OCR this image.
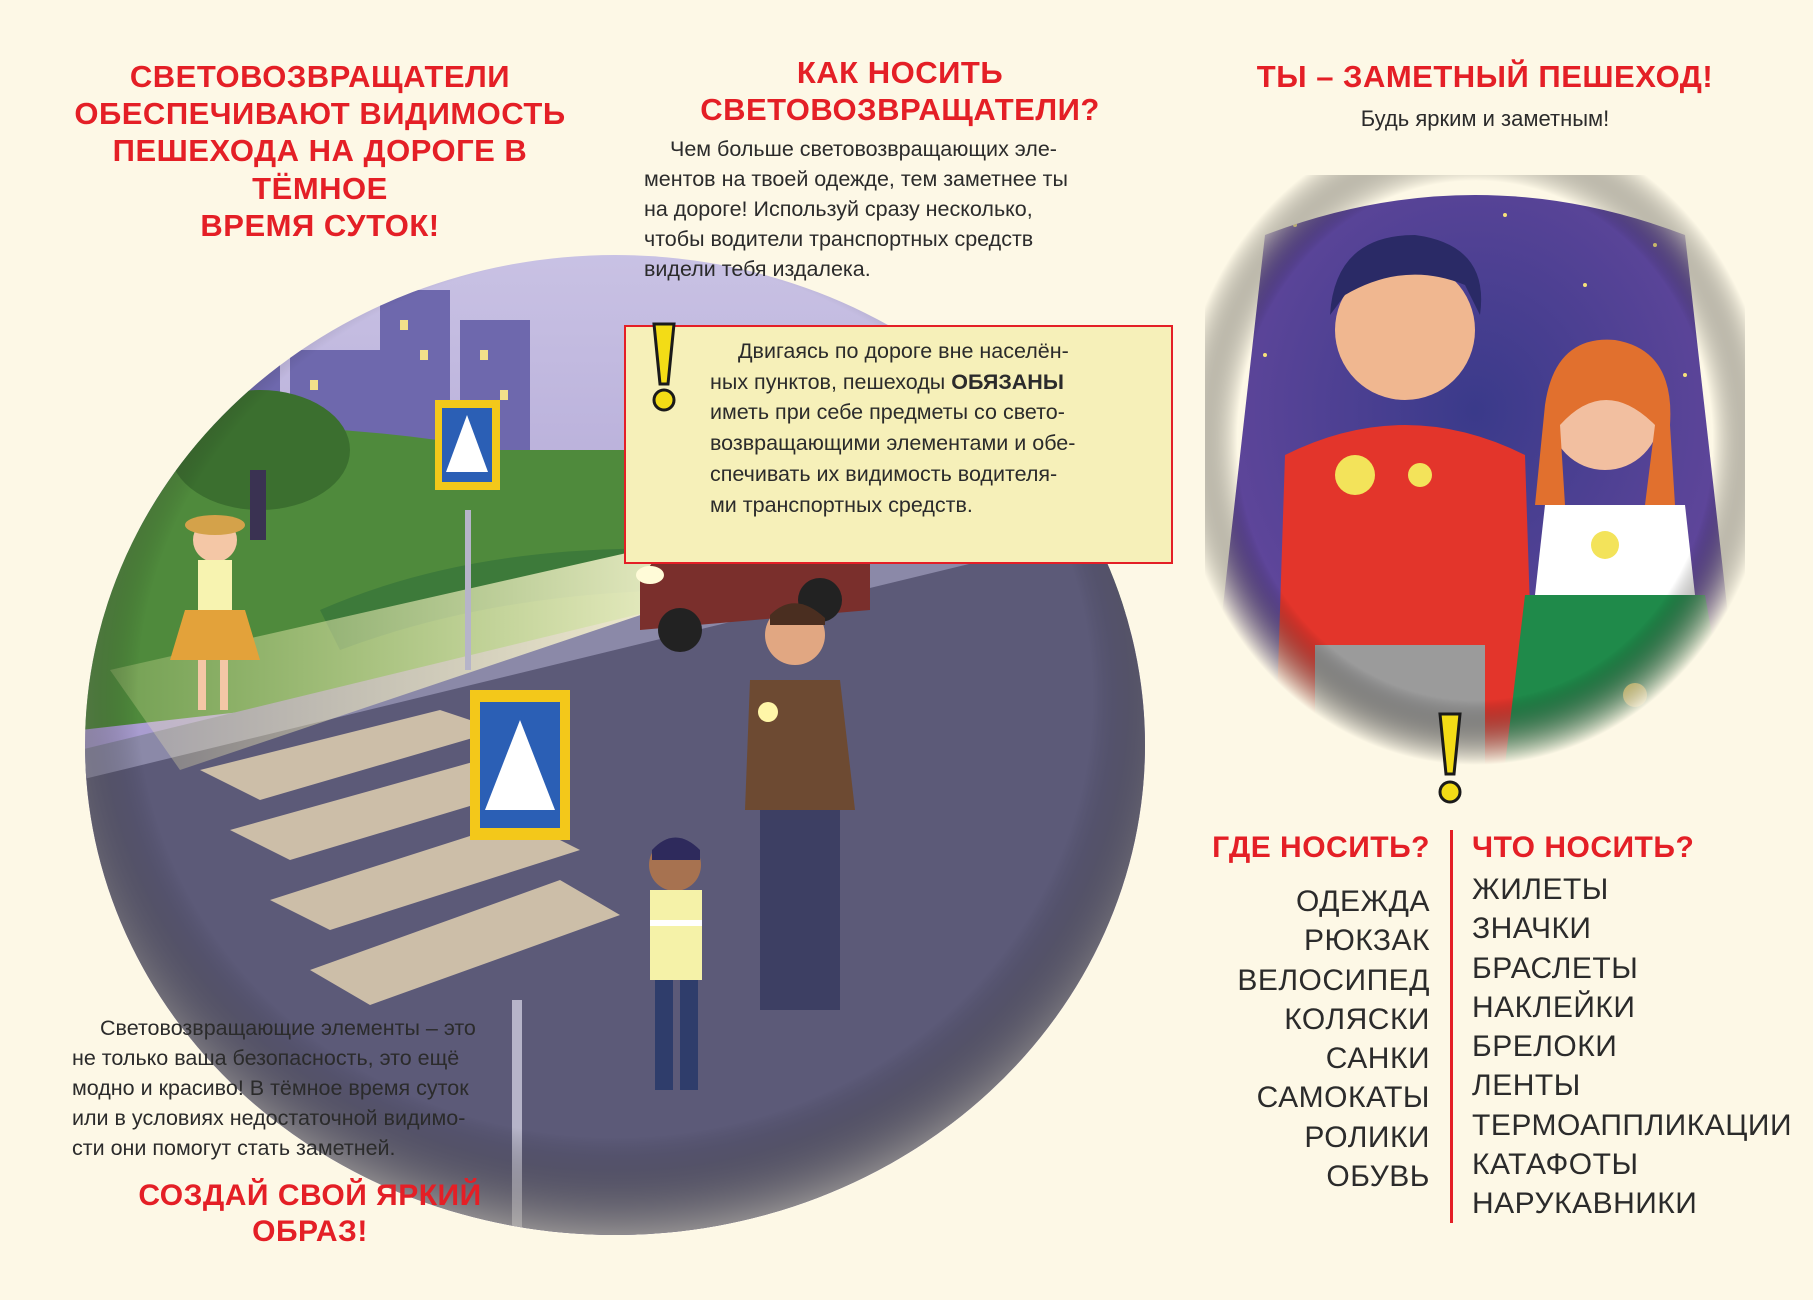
СВЕТОВОЗВРАЩАТЕЛИ
ОБЕСПЕЧИВАЮТ ВИДИМОСТЬ
ПЕШЕХОДА НА ДОРОГЕ В ТЁМНОЕ
ВРЕМЯ СУТОК!
КАК НОСИТЬ
СВЕТОВОЗВРАЩАТЕЛИ?
Чем больше световозвращающих эле-
ментов на твоей одежде, тем заметнее ты
на дороге! Используй сразу несколько,
чтобы водители транспортных средств
видели тебя издалека.
Двигаясь по дороге вне населён-
ных пунктов, пешеходы ОБЯЗАНЫ
иметь при себе предметы со свето-
возвращающими элементами и обе-
спечивать их видимость водителя-
ми транспортных средств.
Световозвращающие элементы – это
не только ваша безопасность, это ещё
модно и красиво! В тёмное время суток
или в условиях недостаточной видимо-
сти они помогут стать заметней.
СОЗДАЙ СВОЙ ЯРКИЙ ОБРАЗ!
ТЫ – ЗАМЕТНЫЙ ПЕШЕХОД!
Будь ярким и заметным!
ГДЕ НОСИТЬ? ЧТО НОСИТЬ?
ОДЕЖДА
РЮКЗАК
ВЕЛОСИПЕД
КОЛЯСКИ
САНКИ
САМОКАТЫ
РОЛИКИ
ОБУВЬ
ЖИЛЕТЫ
ЗНАЧКИ
БРАСЛЕТЫ
НАКЛЕЙКИ
БРЕЛОКИ
ЛЕНТЫ
ТЕРМОАППЛИКАЦИИ
КАТАФОТЫ
НАРУКАВНИКИ
